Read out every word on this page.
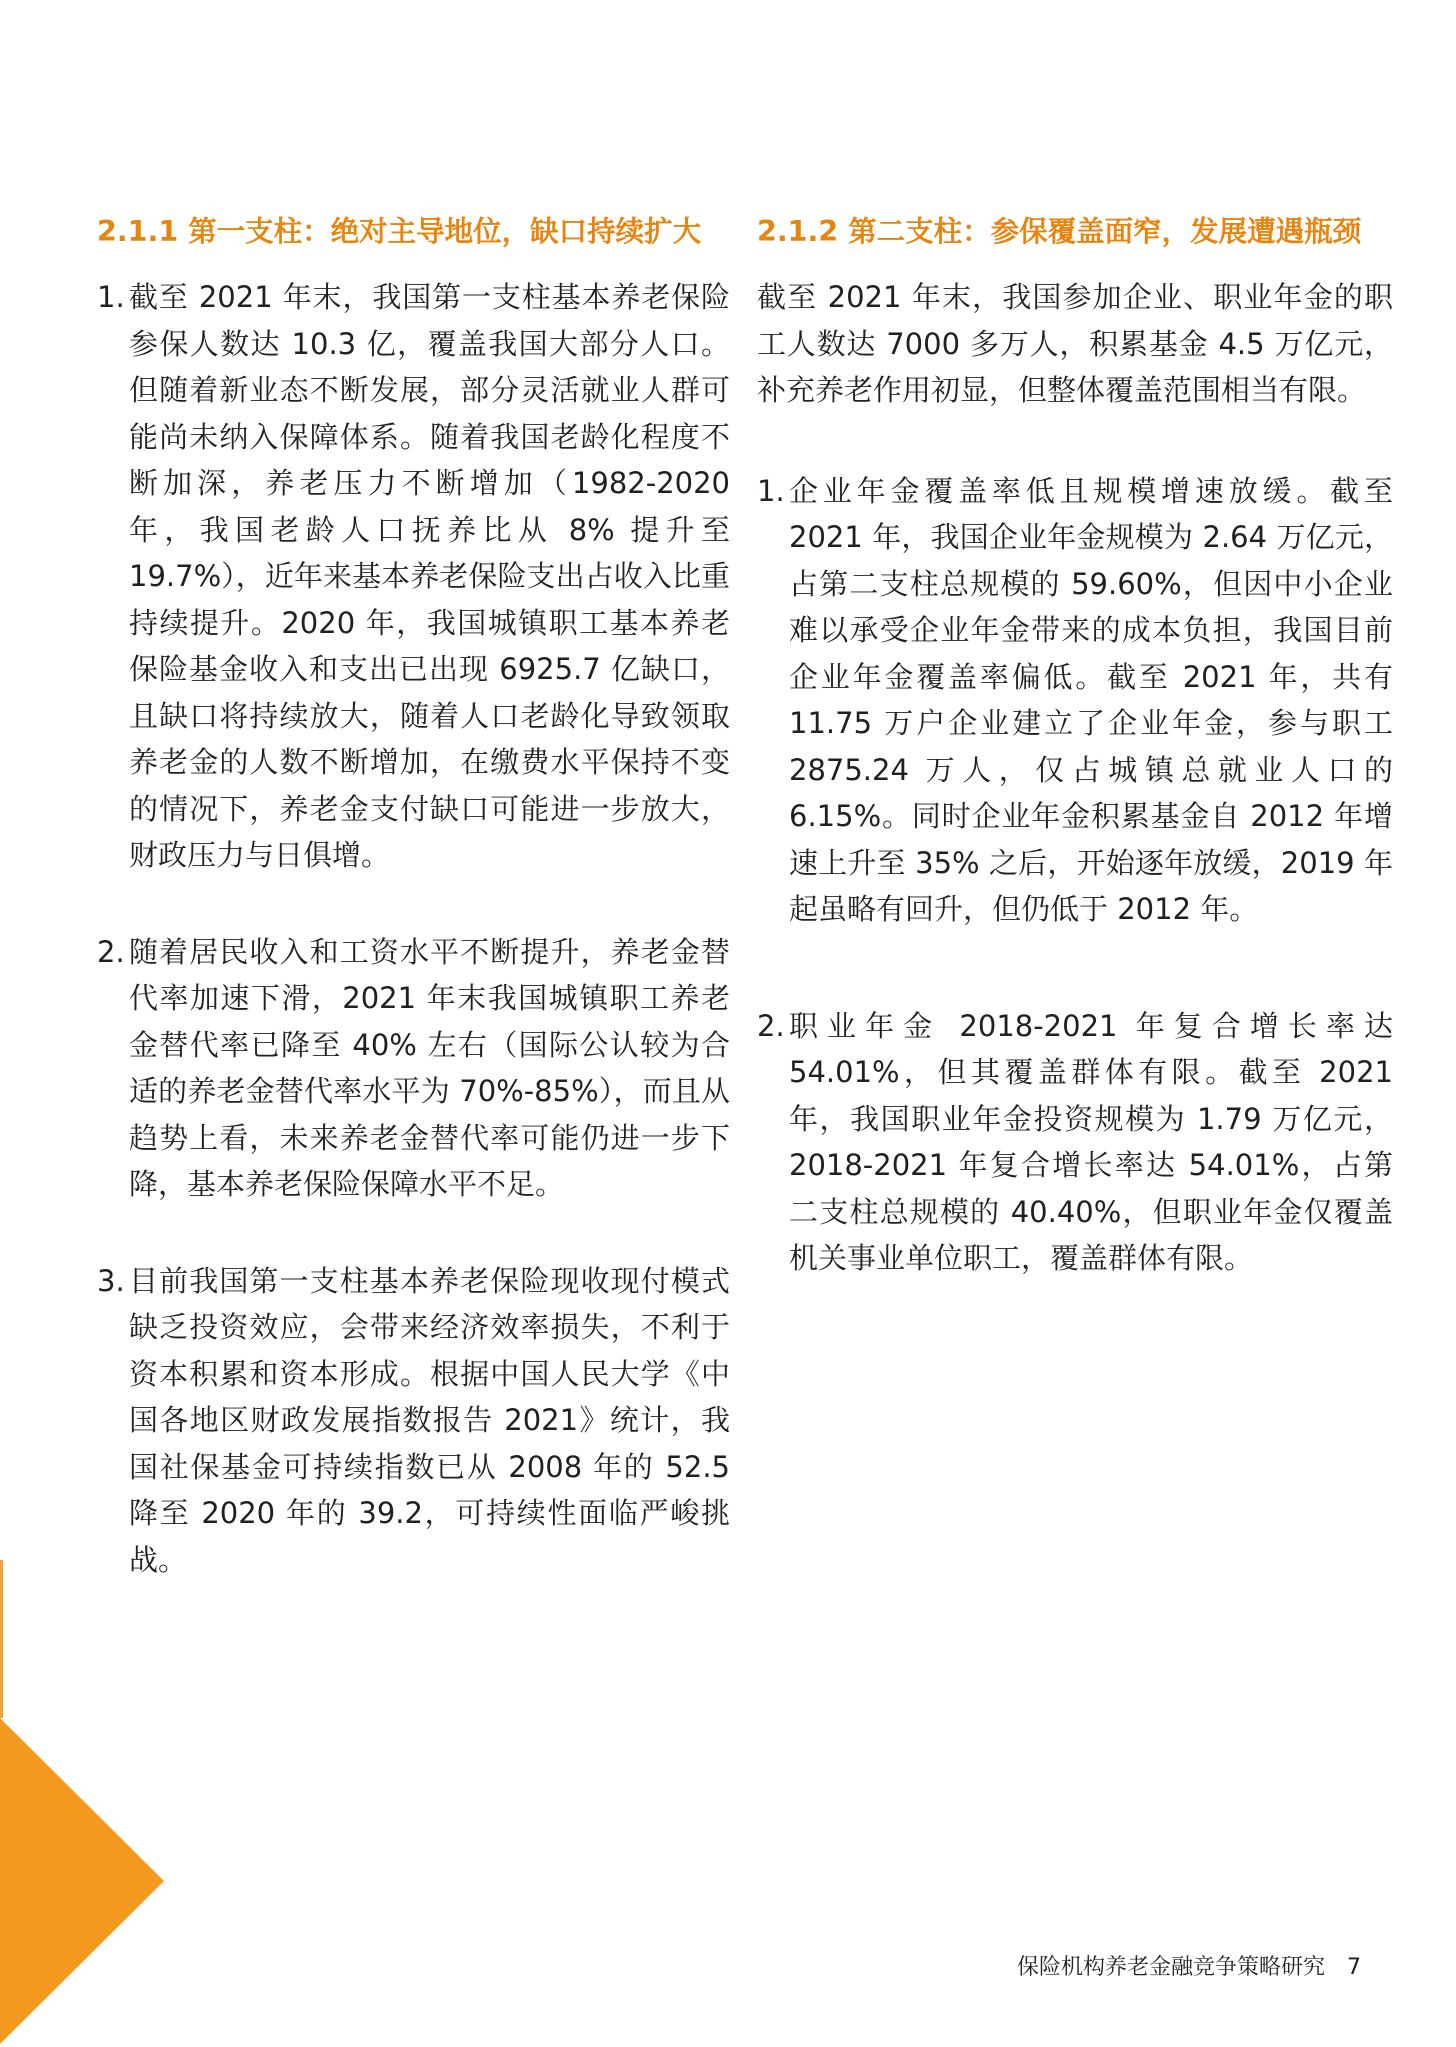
2.1.1 第一支柱：绝对主导地位，缺口持续扩大
1. 截至 2021 年末，我国第一支柱基本养老保险参保人数达 10.3 亿，覆盖我国大部分人口。但随着新业态不断发展，部分灵活就业人群可能尚未纳入保障体系。随着我国老龄化程度不断加深，养老压力不断增加（1982-2020 年，我国老龄人口抚养比从 8% 提升至 19.7%），近年来基本养老保险支出占收入比重持续提升。2020 年，我国城镇职工基本养老保险基金收入和支出已出现 6925.7 亿缺口，且缺口将持续放大，随着人口老龄化导致领取养老金的人数不断增加，在缴费水平保持不变的情况下，养老金支付缺口可能进一步放大，财政压力与日俱增。
2. 随着居民收入和工资水平不断提升，养老金替代率加速下滑，2021 年末我国城镇职工养老金替代率已降至 40% 左右（国际公认较为合适的养老金替代率水平为 70%-85%），而且从趋势上看，未来养老金替代率可能仍进一步下降，基本养老保险保障水平不足。
3. 目前我国第一支柱基本养老保险现收现付模式缺乏投资效应，会带来经济效率损失，不利于资本积累和资本形成。根据中国人民大学《中国各地区财政发展指数报告 2021》统计，我国社保基金可持续指数已从 2008 年的 52.5 降至 2020 年的 39.2，可持续性面临严峻挑战。
2.1.2 第二支柱：参保覆盖面窄，发展遭遇瓶颈

截至 2021 年末，我国参加企业、职业年金的职工人数达 7000 多万人，积累基金 4.5 万亿元，补充养老作用初显，但整体覆盖范围相当有限。

1. 企业年金覆盖率低且规模增速放缓。截至 2021 年，我国企业年金规模为 2.64 万亿元，占第二支柱总规模的 59.60%，但因中小企业难以承受企业年金带来的成本负担，我国目前企业年金覆盖率偏低。截至 2021 年，共有 11.75 万户企业建立了企业年金，参与职工 2875.24 万人，仅占城镇总就业人口的 6.15%。同时企业年金积累基金自 2012 年增速上升至 35% 之后，开始逐年放缓，2019 年起虽略有回升，但仍低于 2012 年。
2. 职业年金 2018-2021 年复合增长率达 54.01%，但其覆盖群体有限。截至 2021 年，我国职业年金投资规模为 1.79 万亿元，2018-2021 年复合增长率达 54.01%，占第二支柱总规模的 40.40%，但职业年金仅覆盖机关事业单位职工，覆盖群体有限。
保险机构养老金融竞争策略研究 7
